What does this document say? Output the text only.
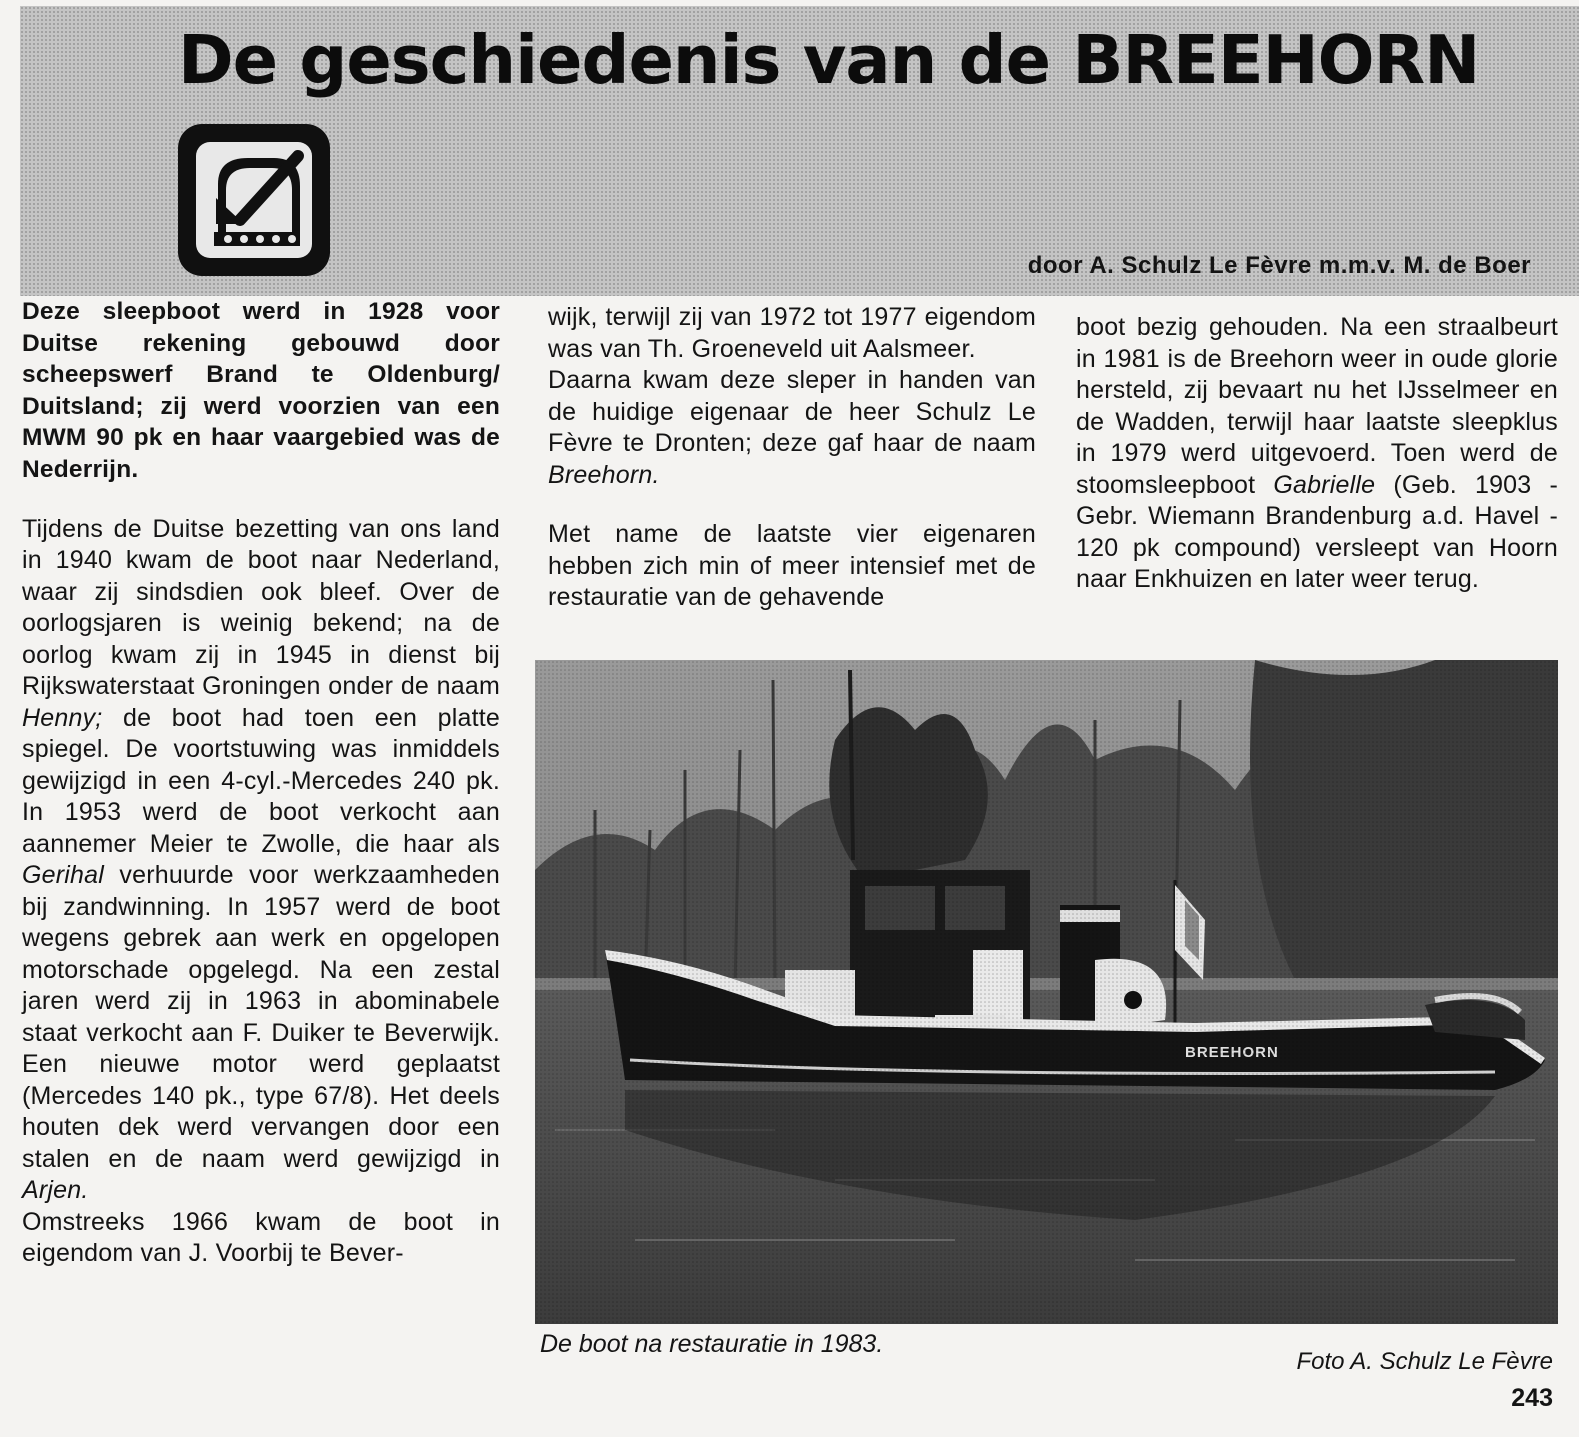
De geschiedenis van de BREEHORN

door A. Schulz Le Fèvre m.m.v. M. de Boer

Deze sleepboot werd in 1928 voor Duitse rekening gebouwd door scheepswerf Brand te Oldenburg/ Duitsland; zij werd voorzien van een MWM 90 pk en haar vaargebied was de Nederrijn.

Tijdens de Duitse bezetting van ons land in 1940 kwam de boot naar Nederland, waar zij sindsdien ook bleef. Over de oorlogsjaren is weinig bekend; na de oorlog kwam zij in 1945 in dienst bij Rijkswaterstaat Groningen onder de naam Henny; de boot had toen een platte spiegel. De voortstuwing was inmiddels gewijzigd in een 4-cyl.-Mercedes 240 pk. In 1953 werd de boot verkocht aan aannemer Meier te Zwolle, die haar als Gerihal verhuurde voor werkzaamheden bij zandwinning. In 1957 werd de boot wegens gebrek aan werk en opgelopen motorschade opgelegd. Na een zestal jaren werd zij in 1963 in abominabele staat verkocht aan F. Duiker te Beverwijk. Een nieuwe motor werd geplaatst (Mercedes 140 pk., type 67/8). Het deels houten dek werd vervangen door een stalen en de naam werd gewijzigd in Arjen.

Omstreeks 1966 kwam de boot in eigendom van J. Voorbij te Bever-

wijk, terwijl zij van 1972 tot 1977 eigendom was van Th. Groeneveld uit Aalsmeer.

Daarna kwam deze sleper in handen van de huidige eigenaar de heer Schulz Le Fèvre te Dronten; deze gaf haar de naam Breehorn.

Met name de laatste vier eigenaren hebben zich min of meer intensief met de restauratie van de gehavende

boot bezig gehouden. Na een straalbeurt in 1981 is de Breehorn weer in oude glorie hersteld, zij bevaart nu het IJsselmeer en de Wadden, terwijl haar laatste sleepklus in 1979 werd uitgevoerd. Toen werd de stoomsleepboot Gabrielle (Geb. 1903 - Gebr. Wiemann Brandenburg a.d. Havel - 120 pk compound) versleept van Hoorn naar Enkhuizen en later weer terug.

De boot na restauratie in 1983.

Foto A. Schulz Le Fèvre

243
